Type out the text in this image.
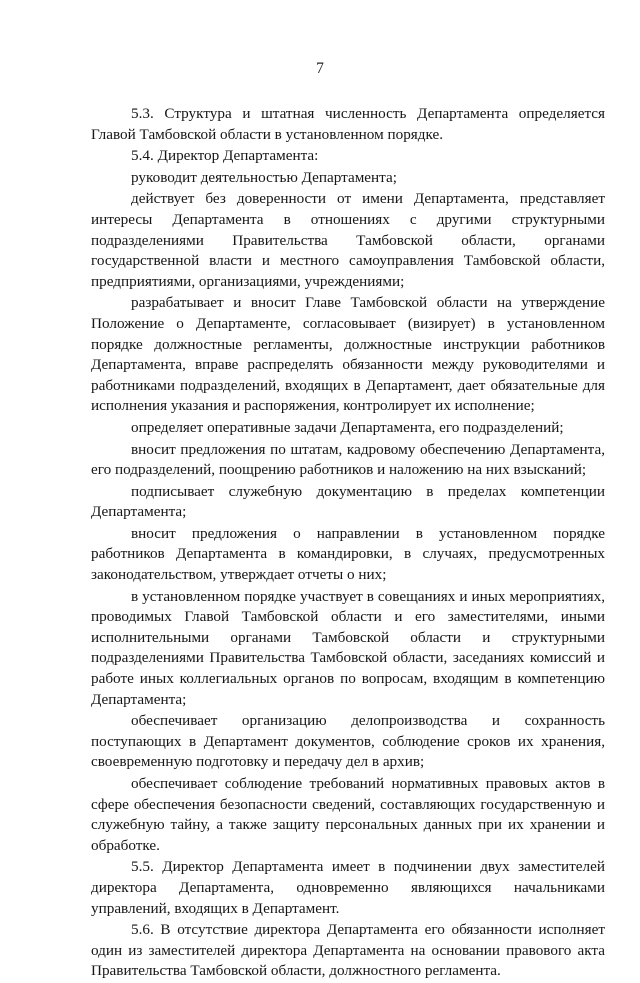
7

5.3. Структура и штатная численность Департамента определяется Главой Тамбовской области в установленном порядке.

5.4. Директор Департамента:

руководит деятельностью Департамента;

действует без доверенности от имени Департамента, представляет интересы Департамента в отношениях с другими структурными подразделениями Правительства Тамбовской области, органами государственной власти и местного самоуправления Тамбовской области, предприятиями, организациями, учреждениями;

разрабатывает и вносит Главе Тамбовской области на утверждение Положение о Департаменте, согласовывает (визирует) в установленном порядке должностные регламенты, должностные инструкции работников Департамента, вправе распределять обязанности между руководителями и работниками подразделений, входящих в Департамент, дает обязательные для исполнения указания и распоряжения, контролирует их исполнение;

определяет оперативные задачи Департамента, его подразделений;

вносит предложения по штатам, кадровому обеспечению Департамента, его подразделений, поощрению работников и наложению на них взысканий;

подписывает служебную документацию в пределах компетенции Департамента;

вносит предложения о направлении в установленном порядке работников Департамента в командировки, в случаях, предусмотренных законодательством, утверждает отчеты о них;

в установленном порядке участвует в совещаниях и иных мероприятиях, проводимых Главой Тамбовской области и его заместителями, иными исполнительными органами Тамбовской области и структурными подразделениями Правительства Тамбовской области, заседаниях комиссий и работе иных коллегиальных органов по вопросам, входящим в компетенцию Департамента;

обеспечивает организацию делопроизводства и сохранность поступающих в Департамент документов, соблюдение сроков их хранения, своевременную подготовку и передачу дел в архив;

обеспечивает соблюдение требований нормативных правовых актов в сфере обеспечения безопасности сведений, составляющих государственную и служебную тайну, а также защиту персональных данных при их хранении и обработке.

5.5. Директор Департамента имеет в подчинении двух заместителей директора Департамента, одновременно являющихся начальниками управлений, входящих в Департамент.

5.6. В отсутствие директора Департамента его обязанности исполняет один из заместителей директора Департамента на основании правового акта Правительства Тамбовской области, должностного регламента.
